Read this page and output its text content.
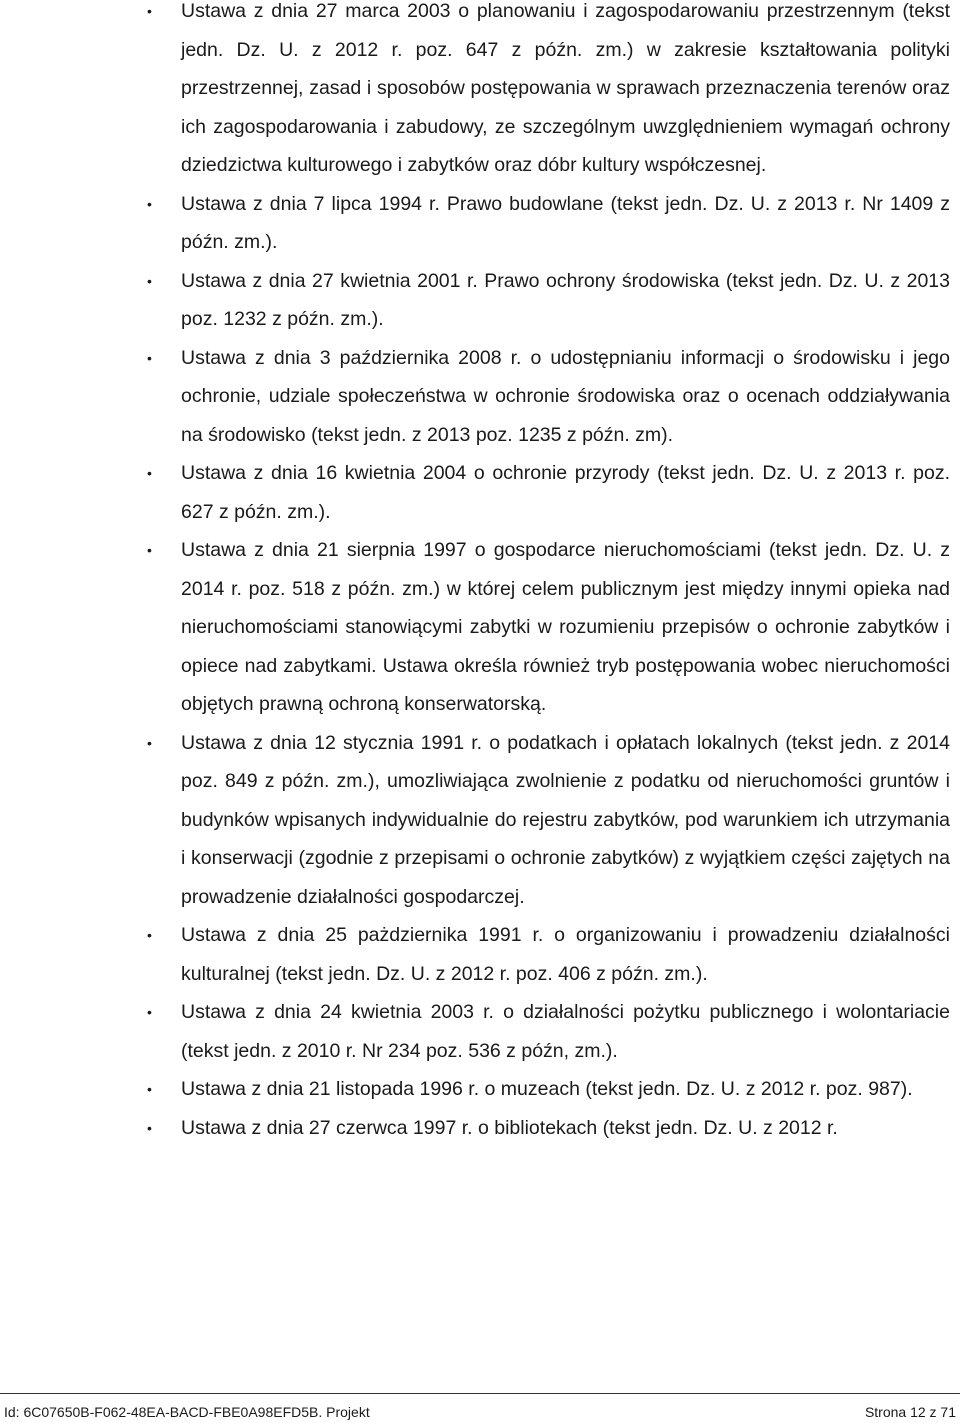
• Ustawa z dnia 27 marca 2003 o planowaniu i zagospodarowaniu przestrzennym (tekst jedn. Dz. U. z 2012 r. poz. 647 z późn. zm.) w zakresie kształtowania polityki przestrzennej, zasad i sposobów postępowania w sprawach przeznaczenia terenów oraz ich zagospodarowania i zabudowy, ze szczególnym uwzględnieniem wymagań ochrony dziedzictwa kulturowego i zabytków oraz dóbr kultury współczesnej.
• Ustawa z dnia 7 lipca 1994 r. Prawo budowlane (tekst jedn. Dz. U. z 2013 r. Nr 1409 z późn. zm.).
• Ustawa z dnia 27 kwietnia 2001 r. Prawo ochrony środowiska (tekst jedn. Dz. U. z 2013 poz. 1232 z późn. zm.).
• Ustawa z dnia 3 października 2008 r. o udostępnianiu informacji o środowisku i jego ochronie, udziale społeczeństwa w ochronie środowiska oraz o ocenach oddziaływania na środowisko (tekst jedn. z 2013 poz. 1235 z późn. zm).
• Ustawa z dnia 16 kwietnia 2004 o ochronie przyrody (tekst jedn. Dz. U. z 2013 r. poz. 627 z późn. zm.).
• Ustawa z dnia 21 sierpnia 1997 o gospodarce nieruchomościami (tekst jedn. Dz. U. z 2014 r. poz. 518 z późn. zm.) w której celem publicznym jest między innymi opieka nad nieruchomościami stanowiącymi zabytki w rozumieniu przepisów o ochronie zabytków i opiece nad zabytkami. Ustawa określa również tryb postępowania wobec nieruchomości objętych prawną ochroną konserwatorską.
• Ustawa z dnia 12 stycznia 1991 r. o podatkach i opłatach lokalnych (tekst jedn. z 2014 poz. 849 z późn. zm.), umozliwiająca zwolnienie z podatku od nieruchomości gruntów i budynków wpisanych indywidualnie do rejestru zabytków, pod warunkiem ich utrzymania i konserwacji (zgodnie z przepisami o ochronie zabytków) z wyjątkiem części zajętych na prowadzenie działalności gospodarczej.
• Ustawa z dnia 25 pażdziernika 1991 r. o organizowaniu i prowadzeniu działalności kulturalnej (tekst jedn. Dz. U. z 2012 r. poz. 406 z późn. zm.).
• Ustawa z dnia 24 kwietnia 2003 r. o działalności pożytku publicznego i wolontariacie (tekst jedn. z 2010 r. Nr 234 poz. 536 z późn, zm.).
• Ustawa z dnia 21 listopada 1996 r. o muzeach (tekst jedn. Dz. U. z 2012 r. poz. 987).
• Ustawa z dnia 27 czerwca 1997 r. o bibliotekach (tekst jedn. Dz. U. z 2012 r.
Id: 6C07650B-F062-48EA-BACD-FBE0A98EFD5B. Projekt	Strona 12 z 71
